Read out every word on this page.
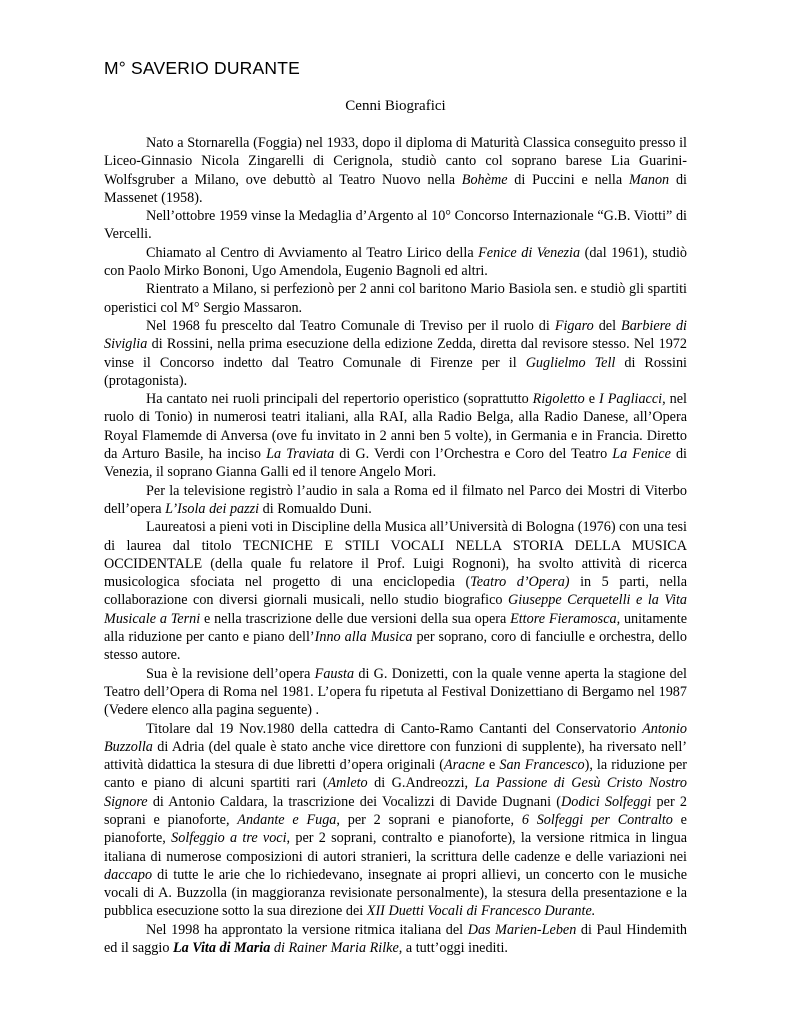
M° SAVERIO DURANTE
Cenni Biografici

Nato a Stornarella (Foggia) nel 1933, dopo il diploma di Maturità Classica conseguito presso il Liceo-Ginnasio Nicola Zingarelli di Cerignola, studiò canto col soprano barese Lia Guarini-Wolfsgruber a Milano, ove debuttò al Teatro Nuovo nella Bohème di Puccini e nella Manon di Massenet (1958).

Nell’ottobre 1959 vinse la Medaglia d’Argento al 10° Concorso Internazionale “G.B. Viotti” di Vercelli.

Chiamato al Centro di Avviamento al Teatro Lirico della Fenice di Venezia (dal 1961), studiò con Paolo Mirko Bononi, Ugo Amendola, Eugenio Bagnoli ed altri.

Rientrato a Milano, si perfezionò per 2 anni col baritono Mario Basiola sen. e studiò gli spartiti operistici col M° Sergio Massaron.

Nel 1968 fu prescelto dal Teatro Comunale di Treviso per il ruolo di Figaro del Barbiere di Siviglia di Rossini, nella prima esecuzione della edizione Zedda, diretta dal revisore stesso. Nel 1972 vinse il Concorso indetto dal Teatro Comunale di Firenze per il Guglielmo Tell di Rossini (protagonista).

Ha cantato nei ruoli principali del repertorio operistico (soprattutto Rigoletto e I Pagliacci, nel ruolo di Tonio) in numerosi teatri italiani, alla RAI, alla Radio Belga, alla Radio Danese, all’Opera Royal Flamemde di Anversa (ove fu invitato in 2 anni ben 5 volte), in Germania e in Francia. Diretto da Arturo Basile, ha inciso La Traviata di G. Verdi con l’Orchestra e Coro del Teatro La Fenice di Venezia, il soprano Gianna Galli ed il tenore Angelo Mori.

Per la televisione registrò l’audio in sala a Roma ed il filmato nel Parco dei Mostri di Viterbo dell’opera L’Isola dei pazzi di Romualdo Duni.

Laureatosi a pieni voti in Discipline della Musica all’Università di Bologna (1976) con una tesi di laurea dal titolo TECNICHE E STILI VOCALI NELLA STORIA DELLA MUSICA OCCIDENTALE (della quale fu relatore il Prof. Luigi Rognoni), ha svolto attività di ricerca musicologica sfociata nel progetto di una enciclopedia (Teatro d’Opera) in 5 parti, nella collaborazione con diversi giornali musicali, nello studio biografico Giuseppe Cerquetelli e la Vita Musicale a Terni e nella trascrizione delle due versioni della sua opera Ettore Fieramosca, unitamente alla riduzione per canto e piano dell’Inno alla Musica per soprano, coro di fanciulle e orchestra, dello stesso autore.

Sua è la revisione dell’opera Fausta di G. Donizetti, con la quale venne aperta la stagione del Teatro dell’Opera di Roma nel 1981. L’opera fu ripetuta al Festival Donizettiano di Bergamo nel 1987 (Vedere elenco alla pagina seguente) .

Titolare dal 19 Nov.1980 della cattedra di Canto-Ramo Cantanti del Conservatorio Antonio Buzzolla di Adria (del quale è stato anche vice direttore con funzioni di supplente), ha riversato nell’ attività didattica la stesura di due libretti d’opera originali (Aracne e San Francesco), la riduzione per canto e piano di alcuni spartiti rari (Amleto di G.Andreozzi, La Passione di Gesù Cristo Nostro Signore di Antonio Caldara, la trascrizione dei Vocalizzi di Davide Dugnani (Dodici Solfeggi per 2 soprani e pianoforte, Andante e Fuga, per 2 soprani e pianoforte, 6 Solfeggi per Contralto e pianoforte, Solfeggio a tre voci, per 2 soprani, contralto e pianoforte), la versione ritmica in lingua italiana di numerose composizioni di autori stranieri, la scrittura delle cadenze e delle variazioni nei daccapo di tutte le arie che lo richiedevano, insegnate ai propri allievi, un concerto con le musiche vocali di A. Buzzolla (in maggioranza revisionate personalmente), la stesura della presentazione e la pubblica esecuzione sotto la sua direzione dei XII Duetti Vocali di Francesco Durante.

Nel 1998 ha approntato la versione ritmica italiana del Das Marien-Leben di Paul Hindemith ed il saggio La Vita di Maria di Rainer Maria Rilke, a tutt’oggi inediti.
